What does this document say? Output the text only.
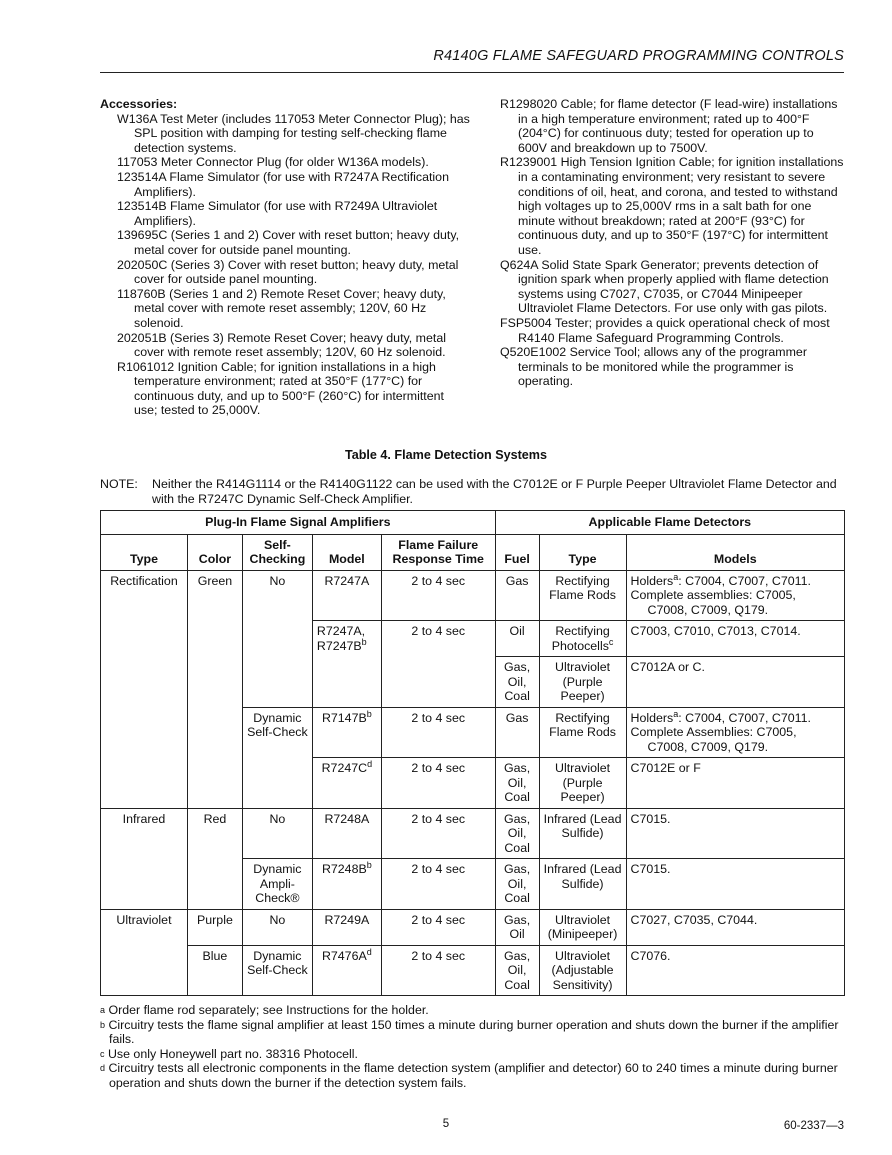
R4140G FLAME SAFEGUARD PROGRAMMING CONTROLS
Accessories:
W136A Test Meter (includes 117053 Meter Connector Plug); has SPL position with damping for testing self-checking flame detection systems.
117053 Meter Connector Plug (for older W136A models).
123514A Flame Simulator (for use with R7247A Rectification Amplifiers).
123514B Flame Simulator (for use with R7249A Ultraviolet Amplifiers).
139695C (Series 1 and 2) Cover with reset button; heavy duty, metal cover for outside panel mounting.
202050C (Series 3) Cover with reset button; heavy duty, metal cover for outside panel mounting.
118760B (Series 1 and 2) Remote Reset Cover; heavy duty, metal cover with remote reset assembly; 120V, 60 Hz solenoid.
202051B (Series 3) Remote Reset Cover; heavy duty, metal cover with remote reset assembly; 120V, 60 Hz solenoid.
R1061012 Ignition Cable; for ignition installations in a high temperature environment; rated at 350°F (177°C) for continuous duty, and up to 500°F (260°C) for intermittent use; tested to 25,000V.
R1298020 Cable; for flame detector (F lead-wire) installations in a high temperature environment; rated up to 400°F (204°C) for continuous duty; tested for operation up to 600V and breakdown up to 7500V.
R1239001 High Tension Ignition Cable; for ignition installations in a contaminating environment; very resistant to severe conditions of oil, heat, and corona, and tested to withstand high voltages up to 25,000V rms in a salt bath for one minute without breakdown; rated at 200°F (93°C) for continuous duty, and up to 350°F (197°C) for intermittent use.
Q624A Solid State Spark Generator; prevents detection of ignition spark when properly applied with flame detection systems using C7027, C7035, or C7044 Minipeeper Ultraviolet Flame Detectors. For use only with gas pilots.
FSP5004 Tester; provides a quick operational check of most R4140 Flame Safeguard Programming Controls.
Q520E1002 Service Tool; allows any of the programmer terminals to be monitored while the programmer is operating.
Table 4. Flame Detection Systems
NOTE: Neither the R414G1114 or the R4140G1122 can be used with the C7012E or F Purple Peeper Ultraviolet Flame Detector and with the R7247C Dynamic Self-Check Amplifier.
Plug-In Flame Signal Amplifiers					Applicable Flame Detectors		
Type	Color	Self-Checking	Model	Flame Failure Response Time	Fuel	Type	Models
Rectification	Green	No	R7247A	2 to 4 sec	Gas	Rectifying Flame Rods	Holders$^a$: C7004, C7007, C7011.
Complete assemblies: C7005,
C7008, C7009, Q179.

			R7247A, $R7247B^b$	2 to 4 sec	Oil	Rectifying Photocells$^c$	C7003, C7010, C7013, C7014.
					Gas, Oil, Coal	Ultraviolet (Purple Peeper)	C7012A or C.
		Dynamic Self-Check	$R7147B^b$	2 to 4 sec	Gas	Rectifying Flame Rods	Holders$^a$: C7004, C7007, C7011.
Complete Assemblies: C7005,
C7008, C7009, Q179.

			$R7247C^d$	2 to 4 sec	Gas, Oil, Coal	Ultraviolet (Purple Peeper)	C7012E or F
Infrared	Red	No	R7248A	2 to 4 sec	Gas, Oil, Coal	Infrared (Lead Sulfide)	C7015.
		Dynamic Ampli-Check®	$R7248B^b$	2 to 4 sec	Gas, Oil, Coal	Infrared (Lead Sulfide)	C7015.
Ultraviolet	Purple	No	R7249A	2 to 4 sec	Gas, Oil	Ultraviolet (Minipeeper)	C7027, C7035, C7044.
	Blue	Dynamic Self-Check	$R7476A^d$	2 to 4 sec	Gas, Oil, Coal	Ultraviolet (Adjustable Sensitivity)	C7076.
$^a$ Order flame rod separately; see Instructions for the holder.
$^b$ Circuitry tests the flame signal amplifier at least 150 times a minute during burner operation and shuts down the burner if the amplifier fails.
$^c$ Use only Honeywell part no. 38316 Photocell.
$^d$ Circuitry tests all electronic components in the flame detection system (amplifier and detector) 60 to 240 times a minute during burner operation and shuts down the burner if the detection system fails.
5	60-2337—3
